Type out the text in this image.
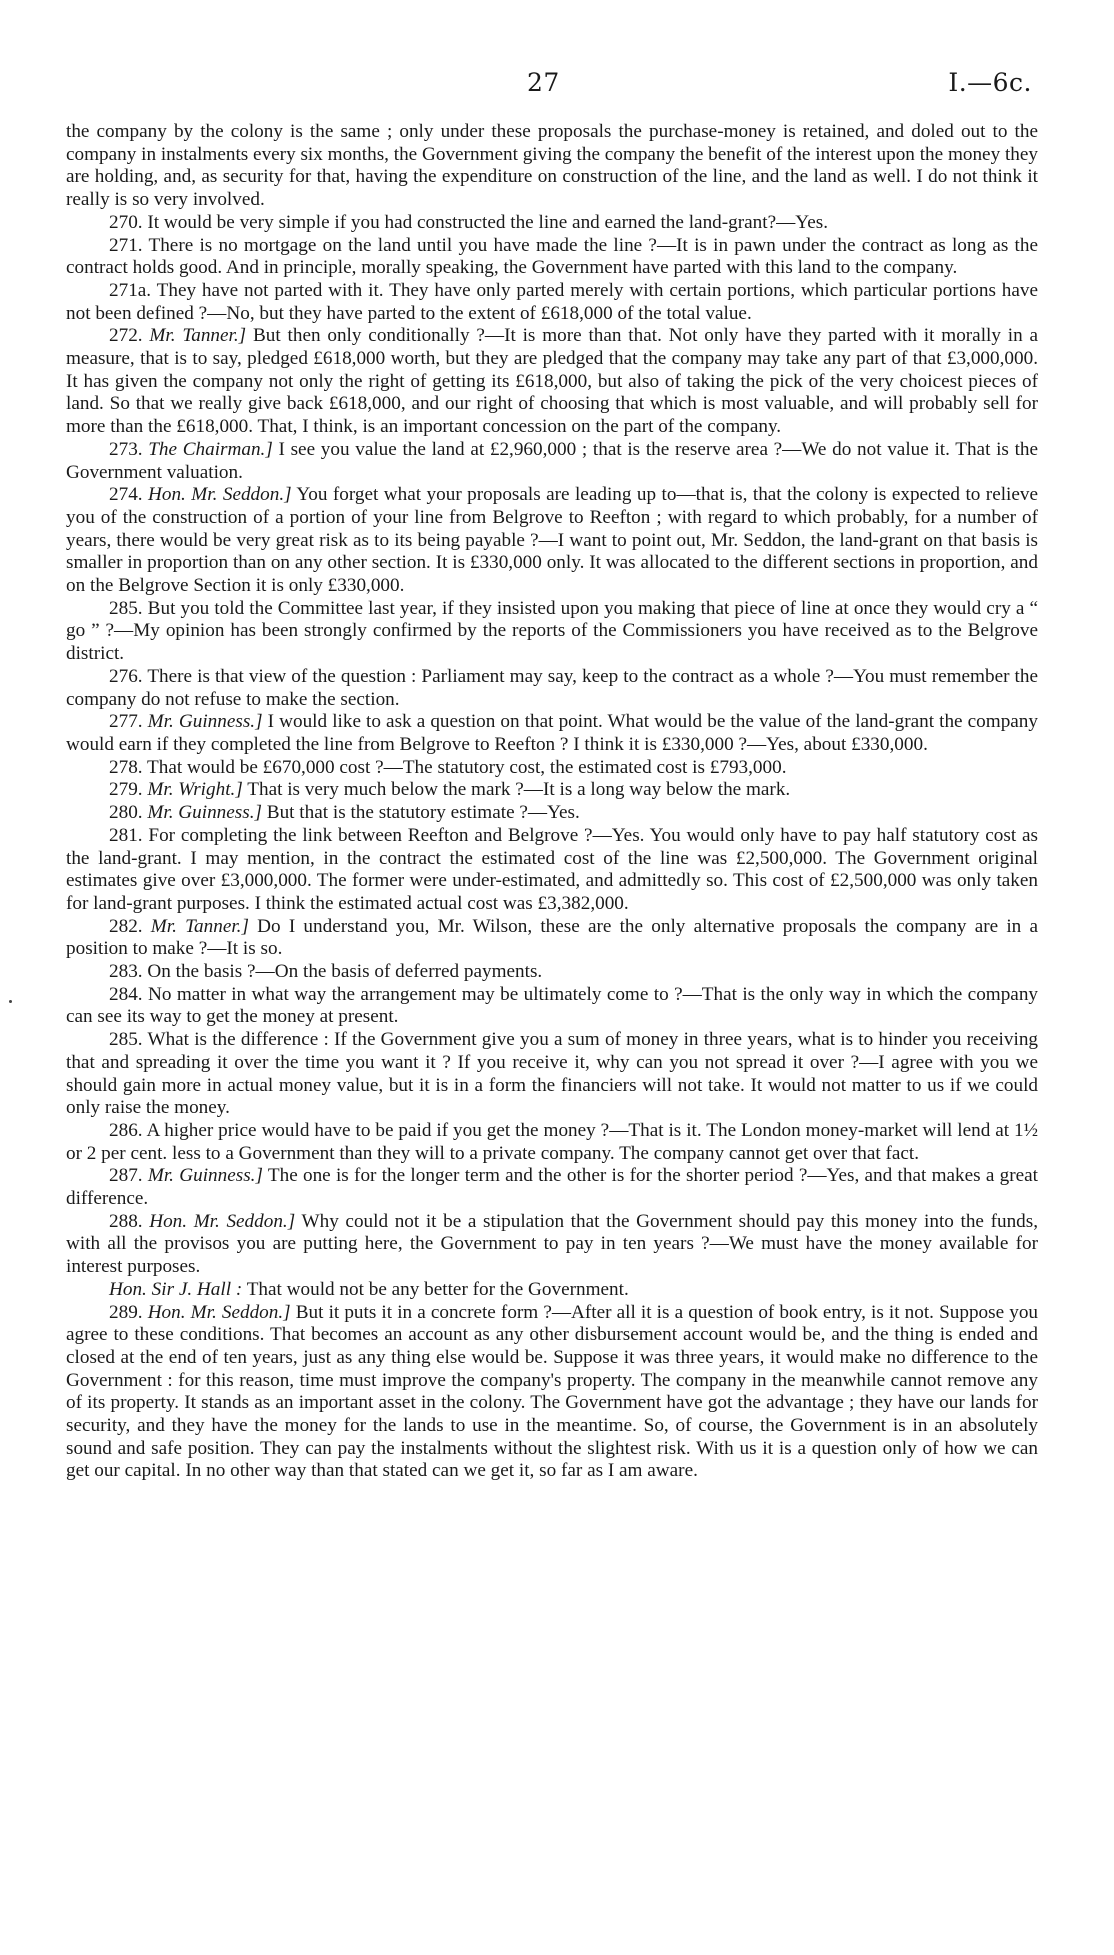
27	I.—6c.

the company by the colony is the same ; only under these proposals the purchase-money is retained, and doled out to the company in instalments every six months, the Government giving the company the benefit of the interest upon the money they are holding, and, as security for that, having the expenditure on construction of the line, and the land as well. I do not think it really is so very involved.

270. It would be very simple if you had constructed the line and earned the land-grant?—Yes.

271. There is no mortgage on the land until you have made the line ?—It is in pawn under the contract as long as the contract holds good. And in principle, morally speaking, the Government have parted with this land to the company.

271a. They have not parted with it. They have only parted merely with certain portions, which particular portions have not been defined ?—No, but they have parted to the extent of £618,000 of the total value.

272. Mr. Tanner.] But then only conditionally ?—It is more than that. Not only have they parted with it morally in a measure, that is to say, pledged £618,000 worth, but they are pledged that the company may take any part of that £3,000,000. It has given the company not only the right of getting its £618,000, but also of taking the pick of the very choicest pieces of land. So that we really give back £618,000, and our right of choosing that which is most valuable, and will probably sell for more than the £618,000. That, I think, is an important concession on the part of the company.

273. The Chairman.] I see you value the land at £2,960,000 ; that is the reserve area ?—We do not value it. That is the Government valuation.

274. Hon. Mr. Seddon.] You forget what your proposals are leading up to—that is, that the colony is expected to relieve you of the construction of a portion of your line from Belgrove to Reefton ; with regard to which probably, for a number of years, there would be very great risk as to its being payable ?—I want to point out, Mr. Seddon, the land-grant on that basis is smaller in proportion than on any other section. It is £330,000 only. It was allocated to the different sections in proportion, and on the Belgrove Section it is only £330,000.

285. But you told the Committee last year, if they insisted upon you making that piece of line at once they would cry a “ go ” ?—My opinion has been strongly confirmed by the reports of the Commissioners you have received as to the Belgrove district.

276. There is that view of the question : Parliament may say, keep to the contract as a whole ?—You must remember the company do not refuse to make the section.

277. Mr. Guinness.] I would like to ask a question on that point. What would be the value of the land-grant the company would earn if they completed the line from Belgrove to Reefton ? I think it is £330,000 ?—Yes, about £330,000.

278. That would be £670,000 cost ?—The statutory cost, the estimated cost is £793,000.

279. Mr. Wright.] That is very much below the mark ?—It is a long way below the mark.

280. Mr. Guinness.] But that is the statutory estimate ?—Yes.

281. For completing the link between Reefton and Belgrove ?—Yes. You would only have to pay half statutory cost as the land-grant. I may mention, in the contract the estimated cost of the line was £2,500,000. The Government original estimates give over £3,000,000. The former were under-estimated, and admittedly so. This cost of £2,500,000 was only taken for land-grant purposes. I think the estimated actual cost was £3,382,000.

282. Mr. Tanner.] Do I understand you, Mr. Wilson, these are the only alternative proposals the company are in a position to make ?—It is so.

283. On the basis ?—On the basis of deferred payments.

284. No matter in what way the arrangement may be ultimately come to ?—That is the only way in which the company can see its way to get the money at present.

285. What is the difference : If the Government give you a sum of money in three years, what is to hinder you receiving that and spreading it over the time you want it ? If you receive it, why can you not spread it over ?—I agree with you we should gain more in actual money value, but it is in a form the financiers will not take. It would not matter to us if we could only raise the money.

286. A higher price would have to be paid if you get the money ?—That is it. The London money-market will lend at 1½ or 2 per cent. less to a Government than they will to a private company. The company cannot get over that fact.

287. Mr. Guinness.] The one is for the longer term and the other is for the shorter period ?—Yes, and that makes a great difference.

288. Hon. Mr. Seddon.] Why could not it be a stipulation that the Government should pay this money into the funds, with all the provisos you are putting here, the Government to pay in ten years ?—We must have the money available for interest purposes.

Hon. Sir J. Hall : That would not be any better for the Government.

289. Hon. Mr. Seddon.] But it puts it in a concrete form ?—After all it is a question of book entry, is it not. Suppose you agree to these conditions. That becomes an account as any other disbursement account would be, and the thing is ended and closed at the end of ten years, just as any thing else would be. Suppose it was three years, it would make no difference to the Government : for this reason, time must improve the company's property. The company in the meanwhile cannot remove any of its property. It stands as an important asset in the colony. The Government have got the advantage ; they have our lands for security, and they have the money for the lands to use in the meantime. So, of course, the Government is in an absolutely sound and safe position. They can pay the instalments without the slightest risk. With us it is a question only of how we can get our capital. In no other way than that stated can we get it, so far as I am aware.
